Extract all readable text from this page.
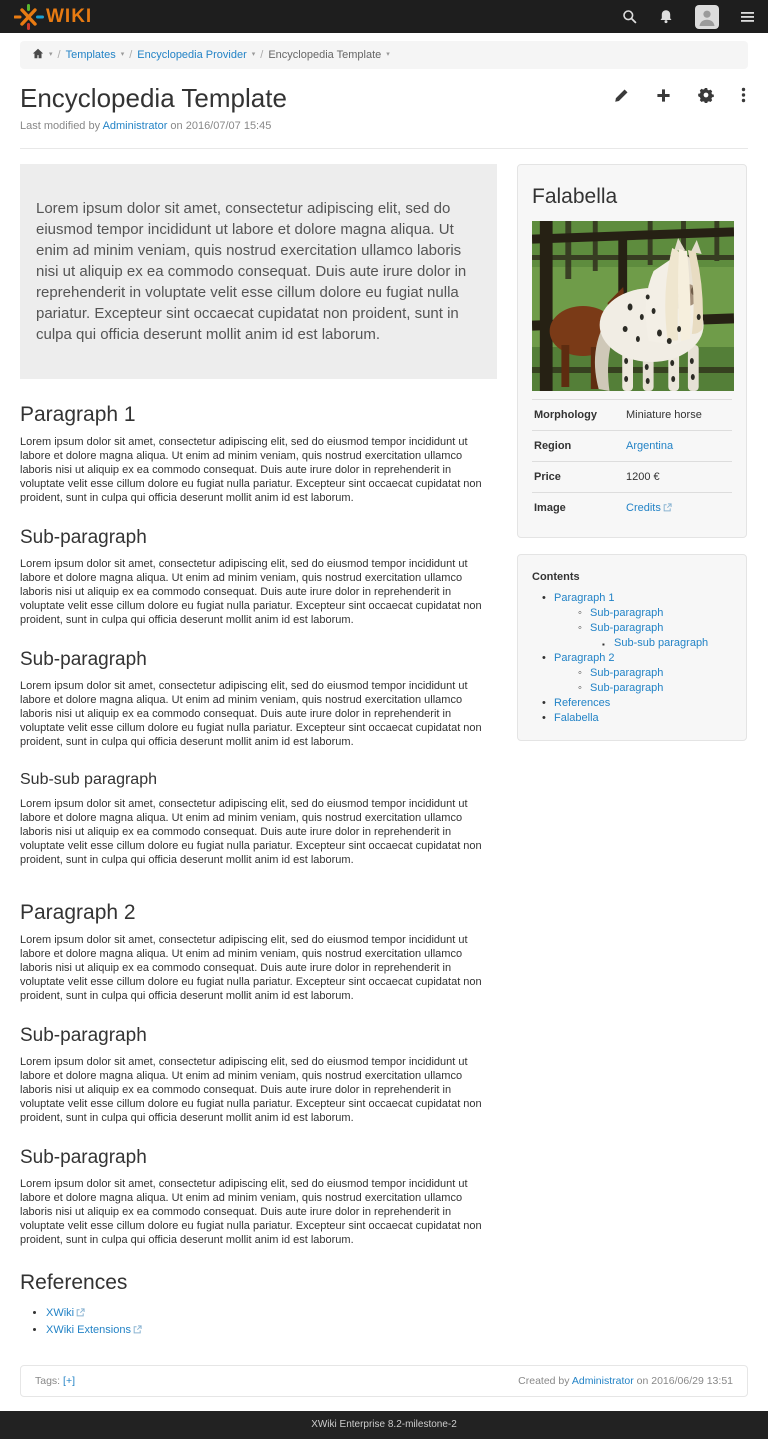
WIKI
▾ / Templates ▾ / Encyclopedia Provider ▾ / Encyclopedia Template ▾
Encyclopedia Template
Last modified by Administrator on 2016/07/07 15:45

Lorem ipsum dolor sit amet, consectetur adipiscing elit, sed do eiusmod tempor incididunt ut labore et dolore magna aliqua. Ut enim ad minim veniam, quis nostrud exercitation ullamco laboris nisi ut aliquip ex ea commodo consequat. Duis aute irure dolor in reprehenderit in voluptate velit esse cillum dolore eu fugiat nulla pariatur. Excepteur sint occaecat cupidatat non proident, sunt in culpa qui officia deserunt mollit anim id est laborum.

Paragraph 1

Lorem ipsum dolor sit amet, consectetur adipiscing elit, sed do eiusmod tempor incididunt ut labore et dolore magna aliqua. Ut enim ad minim veniam, quis nostrud exercitation ullamco laboris nisi ut aliquip ex ea commodo consequat. Duis aute irure dolor in reprehenderit in voluptate velit esse cillum dolore eu fugiat nulla pariatur. Excepteur sint occaecat cupidatat non proident, sunt in culpa qui officia deserunt mollit anim id est laborum.

Sub-paragraph

Lorem ipsum dolor sit amet, consectetur adipiscing elit, sed do eiusmod tempor incididunt ut labore et dolore magna aliqua. Ut enim ad minim veniam, quis nostrud exercitation ullamco laboris nisi ut aliquip ex ea commodo consequat. Duis aute irure dolor in reprehenderit in voluptate velit esse cillum dolore eu fugiat nulla pariatur. Excepteur sint occaecat cupidatat non proident, sunt in culpa qui officia deserunt mollit anim id est laborum.

Sub-paragraph

Lorem ipsum dolor sit amet, consectetur adipiscing elit, sed do eiusmod tempor incididunt ut labore et dolore magna aliqua. Ut enim ad minim veniam, quis nostrud exercitation ullamco laboris nisi ut aliquip ex ea commodo consequat. Duis aute irure dolor in reprehenderit in voluptate velit esse cillum dolore eu fugiat nulla pariatur. Excepteur sint occaecat cupidatat non proident, sunt in culpa qui officia deserunt mollit anim id est laborum.

Sub-sub paragraph

Lorem ipsum dolor sit amet, consectetur adipiscing elit, sed do eiusmod tempor incididunt ut labore et dolore magna aliqua. Ut enim ad minim veniam, quis nostrud exercitation ullamco laboris nisi ut aliquip ex ea commodo consequat. Duis aute irure dolor in reprehenderit in voluptate velit esse cillum dolore eu fugiat nulla pariatur. Excepteur sint occaecat cupidatat non proident, sunt in culpa qui officia deserunt mollit anim id est laborum.

Paragraph 2

Lorem ipsum dolor sit amet, consectetur adipiscing elit, sed do eiusmod tempor incididunt ut labore et dolore magna aliqua. Ut enim ad minim veniam, quis nostrud exercitation ullamco laboris nisi ut aliquip ex ea commodo consequat. Duis aute irure dolor in reprehenderit in voluptate velit esse cillum dolore eu fugiat nulla pariatur. Excepteur sint occaecat cupidatat non proident, sunt in culpa qui officia deserunt mollit anim id est laborum.

Sub-paragraph

Lorem ipsum dolor sit amet, consectetur adipiscing elit, sed do eiusmod tempor incididunt ut labore et dolore magna aliqua. Ut enim ad minim veniam, quis nostrud exercitation ullamco laboris nisi ut aliquip ex ea commodo consequat. Duis aute irure dolor in reprehenderit in voluptate velit esse cillum dolore eu fugiat nulla pariatur. Excepteur sint occaecat cupidatat non proident, sunt in culpa qui officia deserunt mollit anim id est laborum.

Sub-paragraph

Lorem ipsum dolor sit amet, consectetur adipiscing elit, sed do eiusmod tempor incididunt ut labore et dolore magna aliqua. Ut enim ad minim veniam, quis nostrud exercitation ullamco laboris nisi ut aliquip ex ea commodo consequat. Duis aute irure dolor in reprehenderit in voluptate velit esse cillum dolore eu fugiat nulla pariatur. Excepteur sint occaecat cupidatat non proident, sunt in culpa qui officia deserunt mollit anim id est laborum.

References
• XWiki
• XWiki Extensions
Falabella
Morphology	Miniature horse
Region	Argentina
Price	1200 €
Image	Credits
Contents
• Paragraph 1
◦ Sub-paragraph
◦ Sub-paragraph
▪ Sub-sub paragraph
• Paragraph 2
◦ Sub-paragraph
◦ Sub-paragraph
• References
• Falabella
Tags:
[+]	Created by Administrator on 2016/06/29 13:51
XWiki Enterprise 8.2-milestone-2
